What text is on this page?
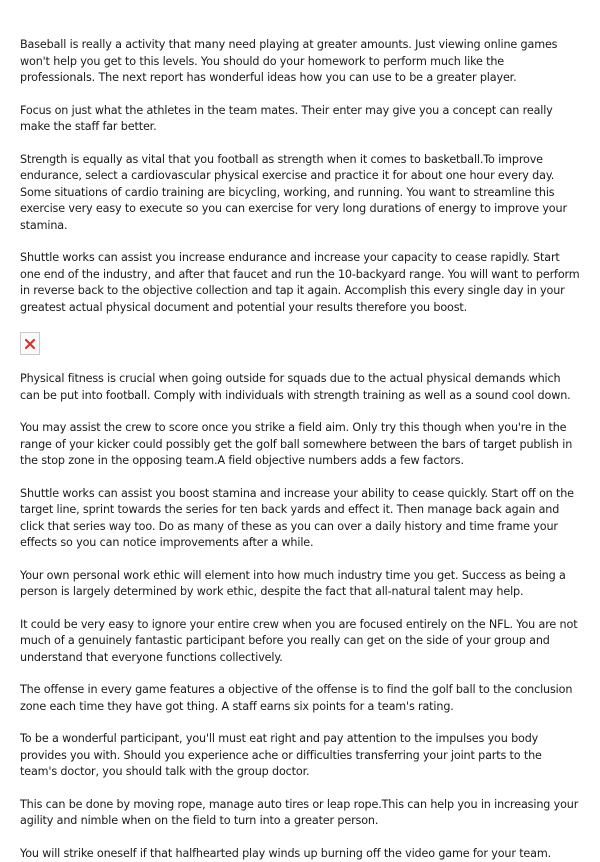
Baseball is really a activity that many need playing at greater amounts. Just viewing online games won't help you get to this levels. You should do your homework to perform much like the professionals. The next report has wonderful ideas how you can use to be a greater player.

Focus on just what the athletes in the team mates. Their enter may give you a concept can really make the staff far better.

Strength is equally as vital that you football as strength when it comes to basketball.To improve endurance, select a cardiovascular physical exercise and practice it for about one hour every day. Some situations of cardio training are bicycling, working, and running. You want to streamline this exercise very easy to execute so you can exercise for very long durations of energy to improve your stamina.

Shuttle works can assist you increase endurance and increase your capacity to cease rapidly. Start one end of the industry, and after that faucet and run the 10-backyard range. You will want to perform in reverse back to the objective collection and tap it again. Accomplish this every single day in your greatest actual physical document and potential your results therefore you boost.

Physical fitness is crucial when going outside for squads due to the actual physical demands which can be put into football. Comply with individuals with strength training as well as a sound cool down.

You may assist the crew to score once you strike a field aim. Only try this though when you're in the range of your kicker could possibly get the golf ball somewhere between the bars of target publish in the stop zone in the opposing team.A field objective numbers adds a few factors.

Shuttle works can assist you boost stamina and increase your ability to cease quickly. Start off on the target line, sprint towards the series for ten back yards and effect it. Then manage back again and click that series way too. Do as many of these as you can over a daily history and time frame your effects so you can notice improvements after a while.

Your own personal work ethic will element into how much industry time you get. Success as being a person is largely determined by work ethic, despite the fact that all-natural talent may help.

It could be very easy to ignore your entire crew when you are focused entirely on the NFL. You are not much of a genuinely fantastic participant before you really can get on the side of your group and understand that everyone functions collectively.

The offense in every game features a objective of the offense is to find the golf ball to the conclusion zone each time they have got thing. A staff earns six points for a team's rating.

To be a wonderful participant, you'll must eat right and pay attention to the impulses you body provides you with. Should you experience ache or difficulties transferring your joint parts to the team's doctor, you should talk with the group doctor.

This can be done by moving rope, manage auto tires or leap rope.This can help you in increasing your agility and nimble when on the field to turn into a greater person.

You will strike oneself if that halfhearted play winds up burning off the video game for your team.
